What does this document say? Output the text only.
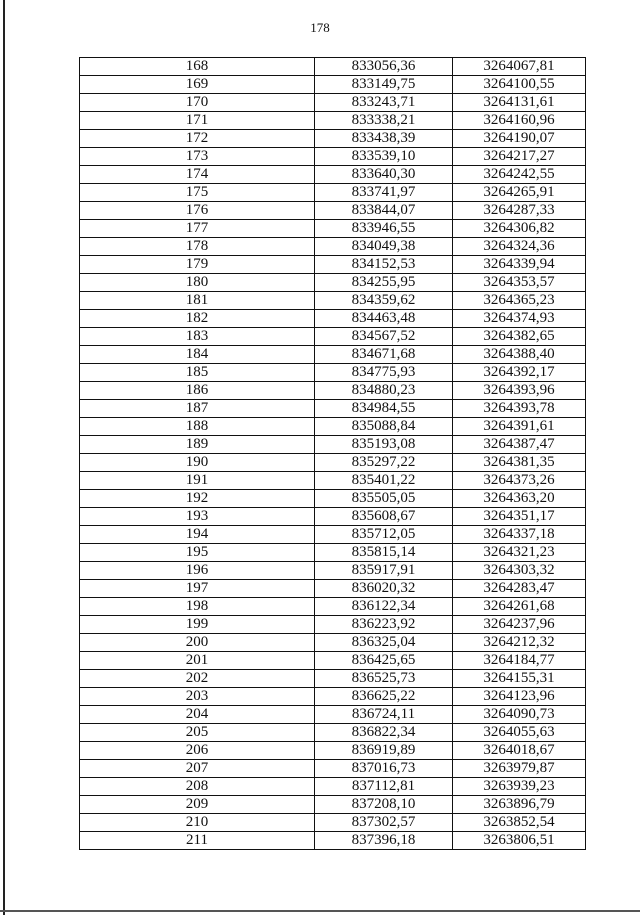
178
168	833056,36	3264067,81
169	833149,75	3264100,55
170	833243,71	3264131,61
171	833338,21	3264160,96
172	833438,39	3264190,07
173	833539,10	3264217,27
174	833640,30	3264242,55
175	833741,97	3264265,91
176	833844,07	3264287,33
177	833946,55	3264306,82
178	834049,38	3264324,36
179	834152,53	3264339,94
180	834255,95	3264353,57
181	834359,62	3264365,23
182	834463,48	3264374,93
183	834567,52	3264382,65
184	834671,68	3264388,40
185	834775,93	3264392,17
186	834880,23	3264393,96
187	834984,55	3264393,78
188	835088,84	3264391,61
189	835193,08	3264387,47
190	835297,22	3264381,35
191	835401,22	3264373,26
192	835505,05	3264363,20
193	835608,67	3264351,17
194	835712,05	3264337,18
195	835815,14	3264321,23
196	835917,91	3264303,32
197	836020,32	3264283,47
198	836122,34	3264261,68
199	836223,92	3264237,96
200	836325,04	3264212,32
201	836425,65	3264184,77
202	836525,73	3264155,31
203	836625,22	3264123,96
204	836724,11	3264090,73
205	836822,34	3264055,63
206	836919,89	3264018,67
207	837016,73	3263979,87
208	837112,81	3263939,23
209	837208,10	3263896,79
210	837302,57	3263852,54
211	837396,18	3263806,51
